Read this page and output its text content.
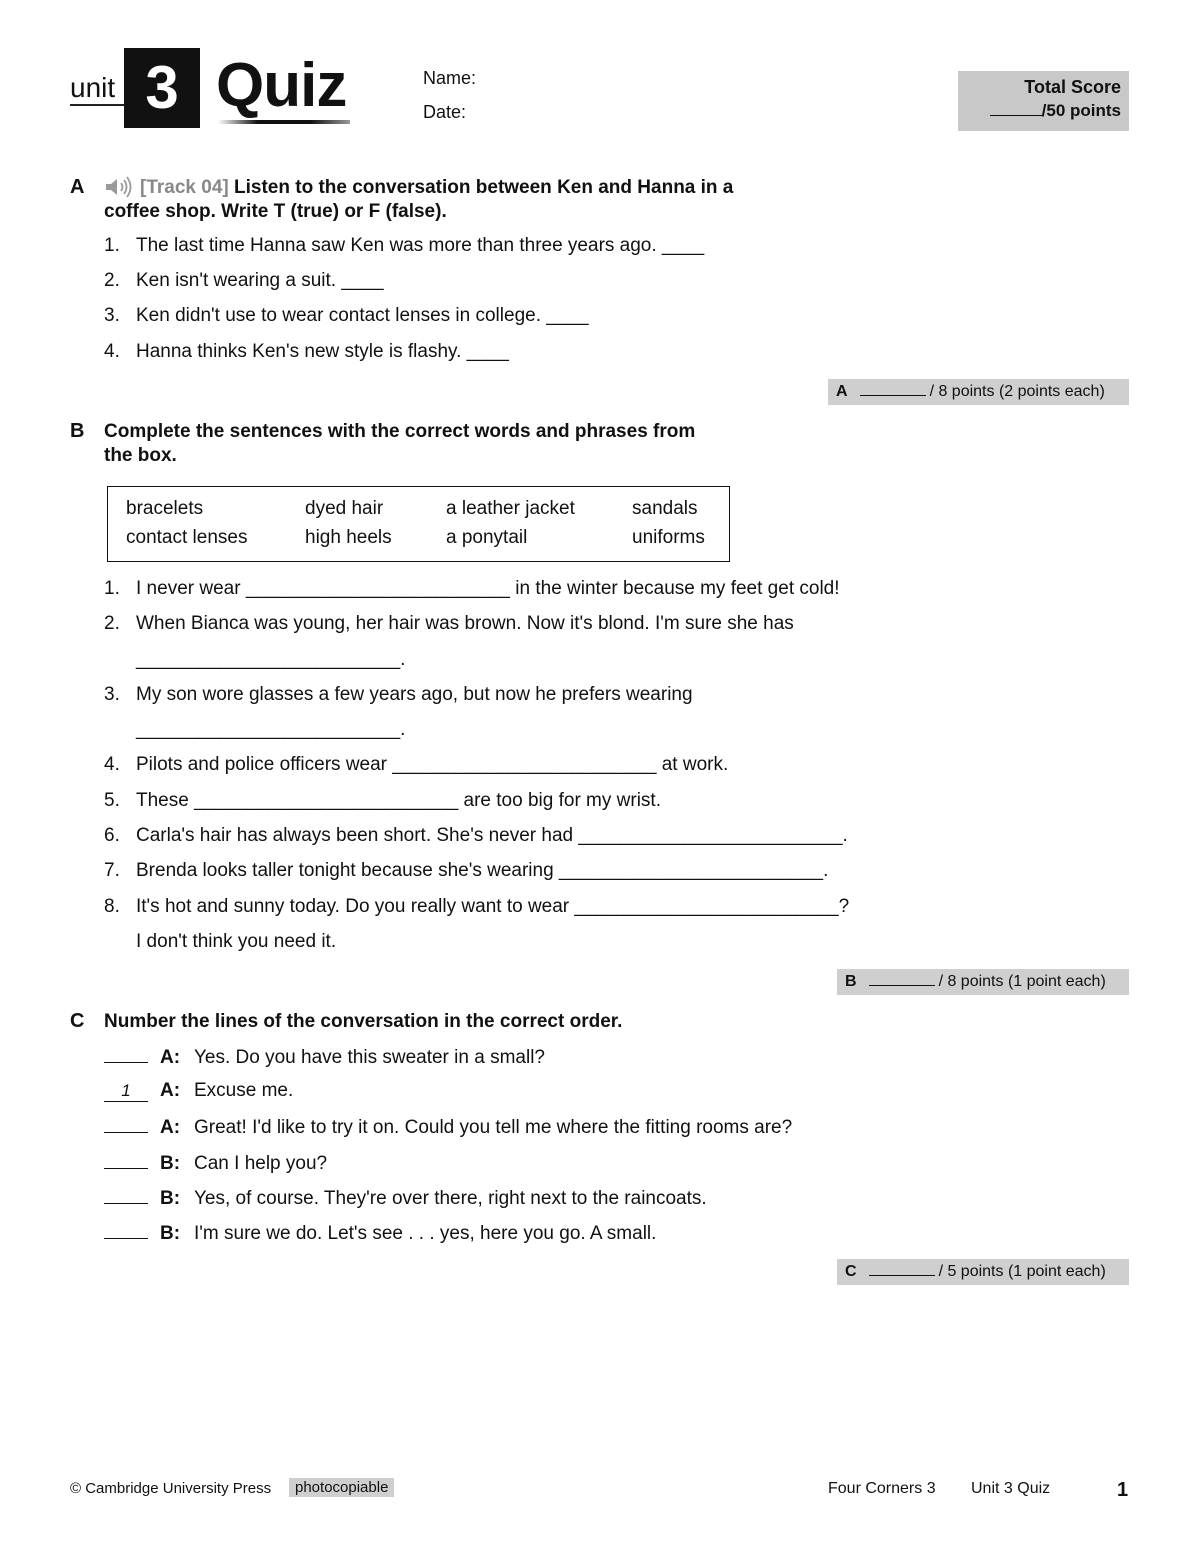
unit 3 Quiz	Name:
Date:
Total Score
/50 points
A	[Track 04] Listen to the conversation between Ken and Hanna in a
coffee shop. Write T (true) or F (false).
1. The last time Hanna saw Ken was more than three years ago. ____
2. Ken isn't wearing a suit. ____
3. Ken didn't use to wear contact lenses in college. ____
4. Hanna thinks Ken's new style is flashy. ____
A	/ 8 points (2 points each)
B Complete the sentences with the correct words and phrases from
the box.
bracelets	dyed hair	a leather jacket	sandals
contact lenses	high heels	a ponytail	uniforms
1. I never wear _________________________ in the winter because my feet get cold!
2. When Bianca was young, her hair was brown. Now it's blond. I'm sure she has
_________________________.
3. My son wore glasses a few years ago, but now he prefers wearing
_________________________.
4. Pilots and police officers wear _________________________ at work.
5. These _________________________ are too big for my wrist.
6. Carla's hair has always been short. She's never had _________________________.
7. Brenda looks taller tonight because she's wearing _________________________.
8. It's hot and sunny today. Do you really want to wear _________________________?
I don't think you need it.
B	/ 8 points (1 point each)
C Number the lines of the conversation in the correct order.
A: Yes. Do you have this sweater in a small?
1 A: Excuse me.
A: Great! I'd like to try it on. Could you tell me where the fitting rooms are?
B: Can I help you?
B: Yes, of course. They're over there, right next to the raincoats.
B: I'm sure we do. Let's see . . . yes, here you go. A small.
C	/ 5 points (1 point each)
© Cambridge University Press	photocopiable	Four Corners 3 Unit 3 Quiz	1
